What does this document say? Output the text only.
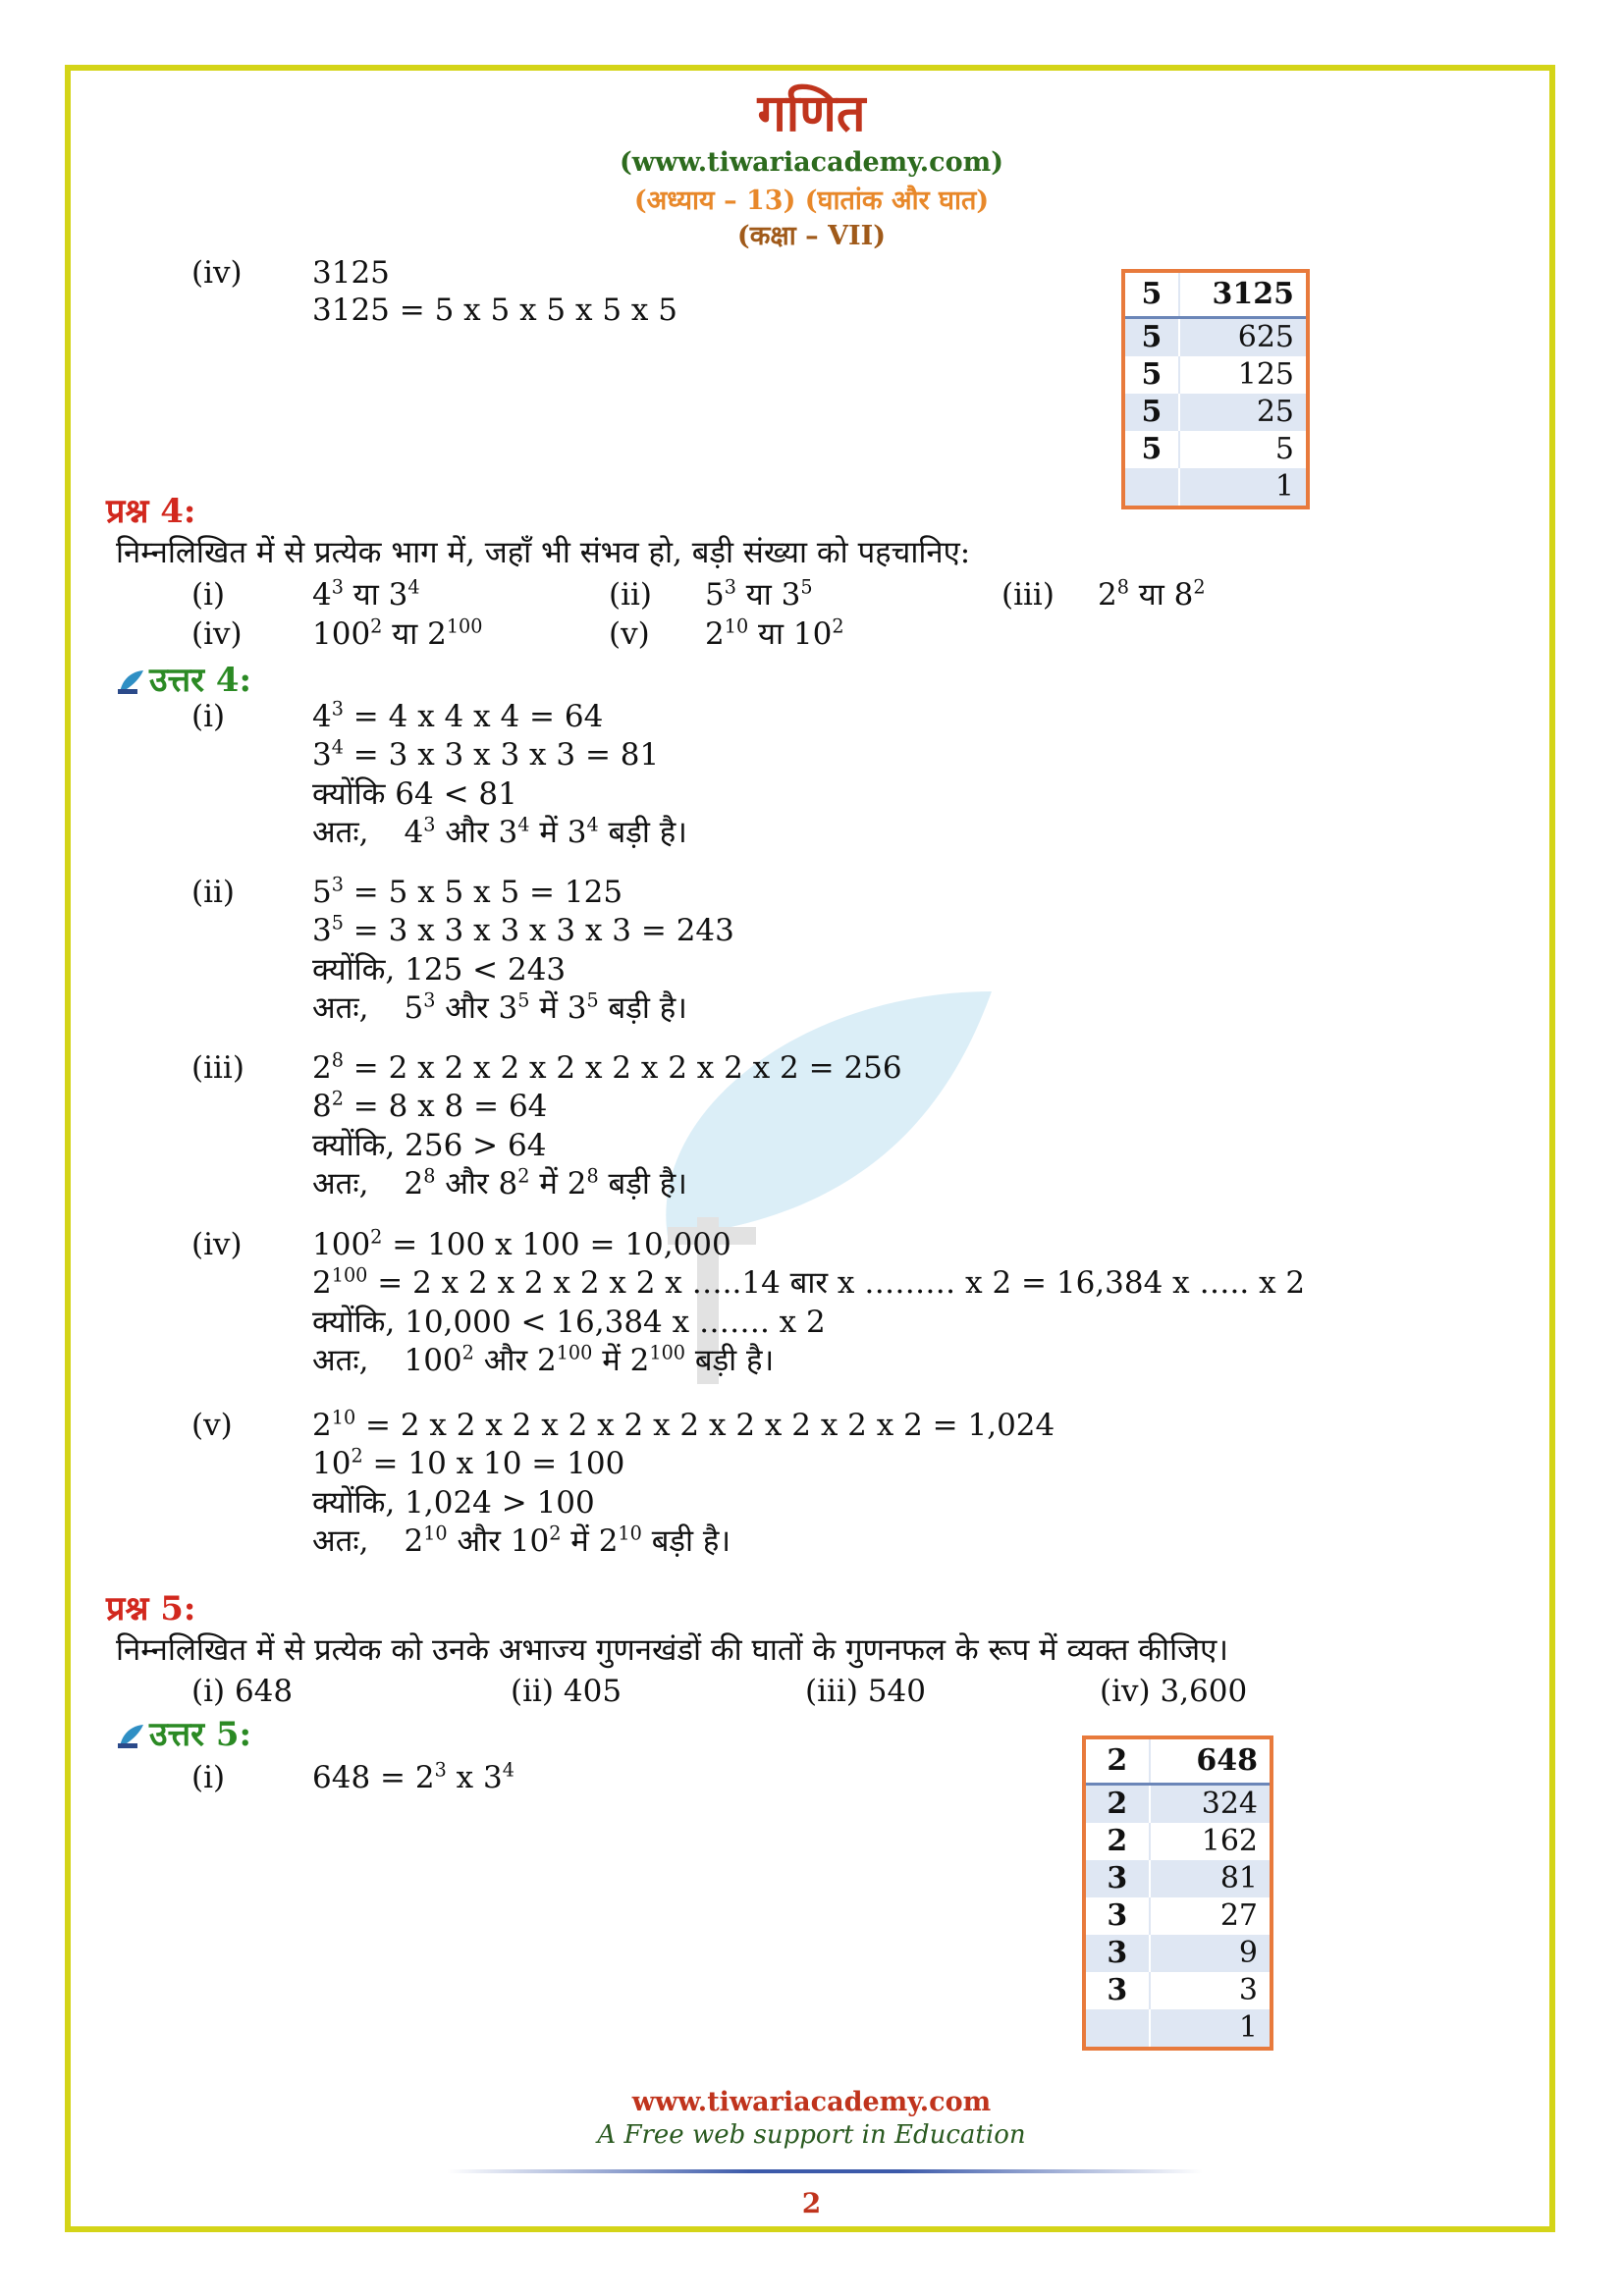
गणित
(www.tiwariacademy.com)
(अध्याय – 13) (घातांक और घात)
(कक्षा – VII)
(iv) 3125
3125 = 5 x 5 x 5 x 5 x 5	5	3125
5	625
5	125
5	25
5	5
	1
प्रश्न 4:
निम्नलिखित में से प्रत्येक भाग में, जहाँ भी संभव हो, बड़ी संख्या को पहचानिए:
(i)	$4^3$ या $3^4$	(ii) $5^3$ या $3^5$	(iii) $2^8$ या $8^2$
(iv) $100^2$ या $2^{100}$	(v) $2^{10}$ या $10^2$
उत्तर 4:
(i)	$4^3 = 4$ x 4 x 4 = 64
$3^4 = 3$ x 3 x 3 x 3 = 81
क्योंकि 64 < 81
अतः, $4^3$ और $3^4$ में $3^4$ बड़ी है।
(ii)	$5^3 = 5$ x 5 x 5 = 125
$3^5 = 3$ x 3 x 3 x 3 x 3 = 243
क्योंकि, 125 < 243
अतः, $5^3$ और $3^5$ में $3^5$ बड़ी है।
(iii) $2^8 = 2$ x 2 x 2 x 2 x 2 x 2 x 2 x 2 = 256
$8^2 = 8$ x 8 = 64
क्योंकि, 256 > 64
अतः, $2^8$ और $8^2$ में $2^8$ बड़ी है।
(iv) $100^2 = 100$ x 100 = 10,000
$2^{100} = 2$ x 2 x 2 x 2 x 2 x …..14 बार x ……… x 2 = 16,384 x ….. x 2
क्योंकि, 10,000 < 16,384 x ……. x 2
अतः, $100^2$ और $2^{100}$ में $2^{100}$ बड़ी है।
(v)	$2^{10} = 2$ x 2 x 2 x 2 x 2 x 2 x 2 x 2 x 2 x 2 = 1,024
$10^2 = 10$ x 10 = 100
क्योंकि, 1,024 > 100
अतः, $2^{10}$ और $10^2$ में $2^{10}$ बड़ी है।
प्रश्न 5:
निम्नलिखित में से प्रत्येक को उनके अभाज्य गुणनखंडों की घातों के गुणनफल के रूप में व्यक्त कीजिए।
(i) 648	(ii) 405	(iii) 540	(iv) 3,600
उत्तर 5:
(i)	$648 = 2^3$ x $3^4$	2	648
2	324
2	162
3	81
3	27
3	9
3	3
	1
www.tiwariacademy.com
A Free web support in Education
2
